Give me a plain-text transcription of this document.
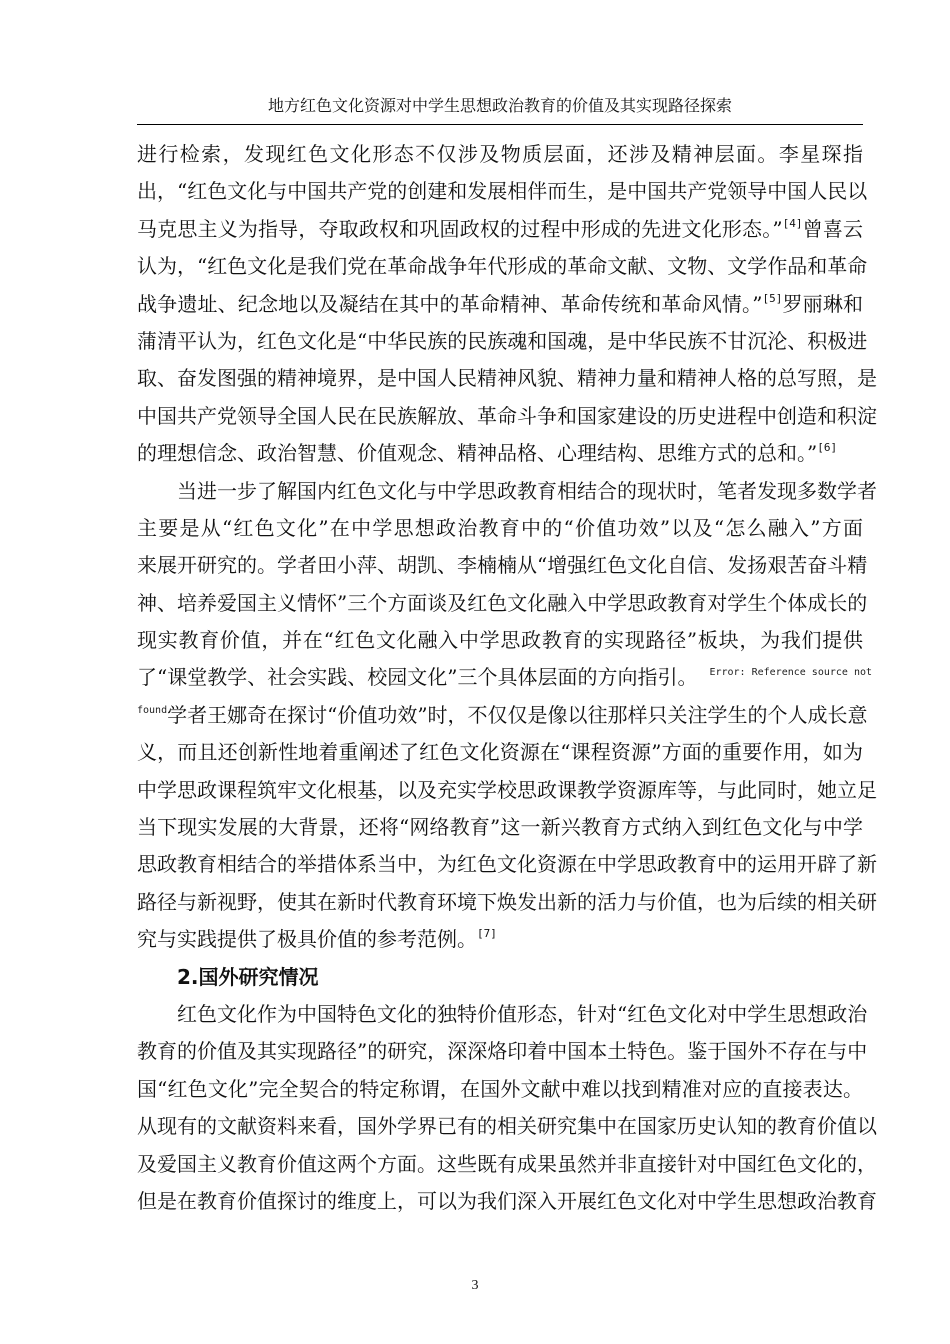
地方红色文化资源对中学生思想政治教育的价值及其实现路径探索
进行检索，发现红色文化形态不仅涉及物质层面，还涉及精神层面。李星琛指
出，“红色文化与中国共产党的创建和发展相伴而生，是中国共产党领导中国人民以
马克思主义为指导，夺取政权和巩固政权的过程中形成的先进文化形态。”[4]曾喜云
认为，“红色文化是我们党在革命战争年代形成的革命文献、文物、文学作品和革命
战争遗址、纪念地以及凝结在其中的革命精神、革命传统和革命风情。”[5]罗丽琳和
蒲清平认为，红色文化是“中华民族的民族魂和国魂，是中华民族不甘沉沦、积极进
取、奋发图强的精神境界，是中国人民精神风貌、精神力量和精神人格的总写照，是
中国共产党领导全国人民在民族解放、革命斗争和国家建设的历史进程中创造和积淀
的理想信念、政治智慧、价值观念、精神品格、心理结构、思维方式的总和。”[6]
当进一步了解国内红色文化与中学思政教育相结合的现状时，笔者发现多数学者
主要是从“红色文化”在中学思想政治教育中的“价值功效”以及“怎么融入”方面
来展开研究的。学者田小萍、胡凯、李楠楠从“增强红色文化自信、发扬艰苦奋斗精
神、培养爱国主义情怀”三个方面谈及红色文化融入中学思政教育对学生个体成长的
现实教育价值，并在“红色文化融入中学思政教育的实现路径”板块，为我们提供
了“课堂教学、社会实践、校园文化”三个具体层面的方向指引。 $^{Error: Reference source not}$
$^{found}$学者王娜奇在探讨“价值功效”时，不仅仅是像以往那样只关注学生的个人成长意
义，而且还创新性地着重阐述了红色文化资源在“课程资源”方面的重要作用，如为
中学思政课程筑牢文化根基，以及充实学校思政课教学资源库等，与此同时，她立足
当下现实发展的大背景，还将“网络教育”这一新兴教育方式纳入到红色文化与中学
思政教育相结合的举措体系当中，为红色文化资源在中学思政教育中的运用开辟了新
路径与新视野，使其在新时代教育环境下焕发出新的活力与价值，也为后续的相关研
究与实践提供了极具价值的参考范例。[7]
2.国外研究情况
红色文化作为中国特色文化的独特价值形态，针对“红色文化对中学生思想政治
教育的价值及其实现路径”的研究，深深烙印着中国本土特色。鉴于国外不存在与中
国“红色文化”完全契合的特定称谓，在国外文献中难以找到精准对应的直接表达。
从现有的文献资料来看，国外学界已有的相关研究集中在国家历史认知的教育价值以
及爱国主义教育价值这两个方面。这些既有成果虽然并非直接针对中国红色文化的，
但是在教育价值探讨的维度上，可以为我们深入开展红色文化对中学生思想政治教育
3
